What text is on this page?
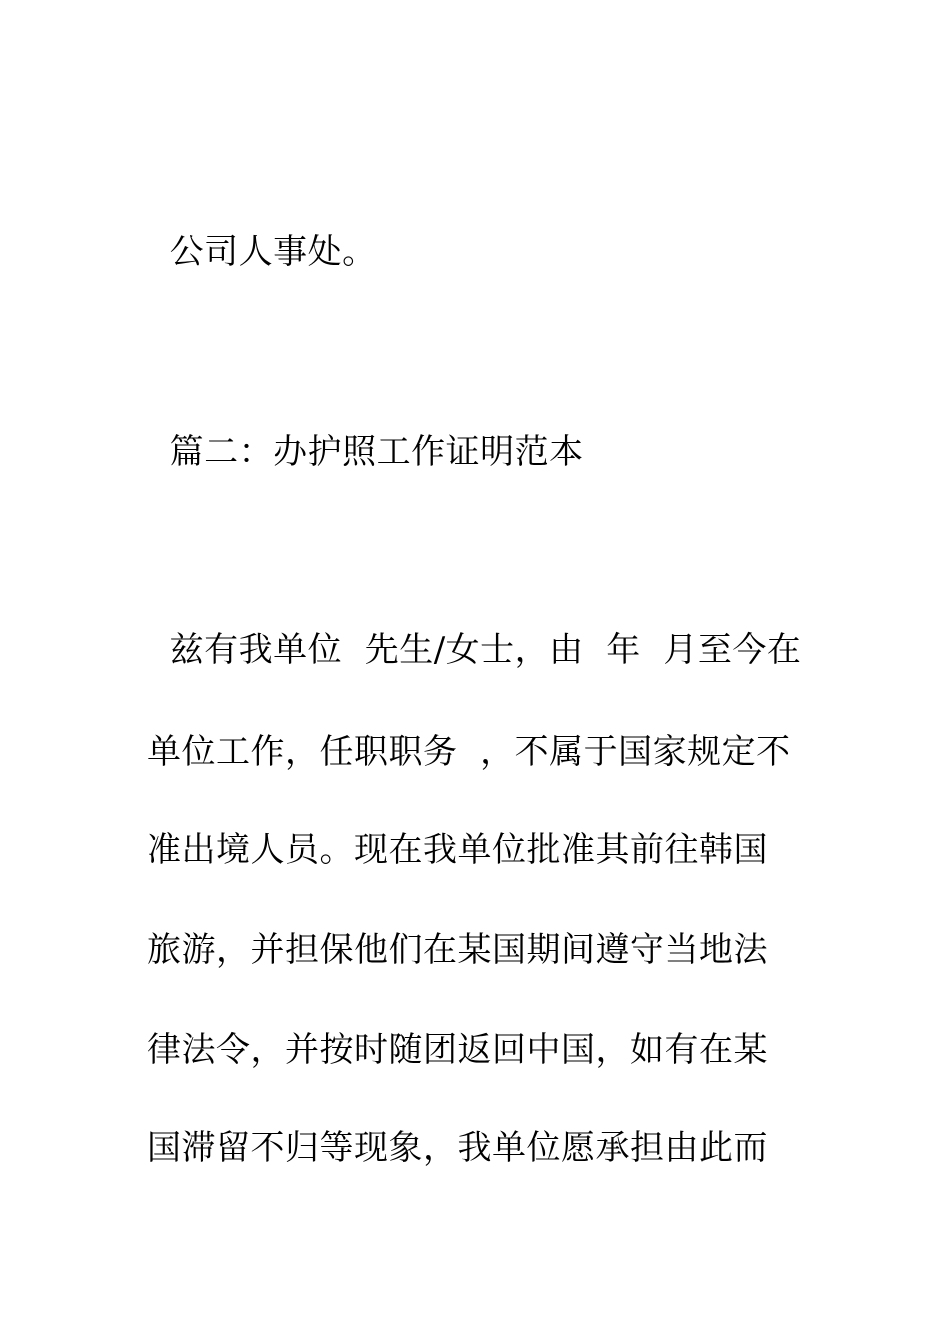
公司人事处。
篇二：办护照工作证明范本
兹有我单位  先生/女士，由  年  月至今在
单位工作，任职职务  ，不属于国家规定不
准出境人员。现在我单位批准其前往韩国
旅游，并担保他们在某国期间遵守当地法
律法令，并按时随团返回中国，如有在某
国滞留不归等现象，我单位愿承担由此而
